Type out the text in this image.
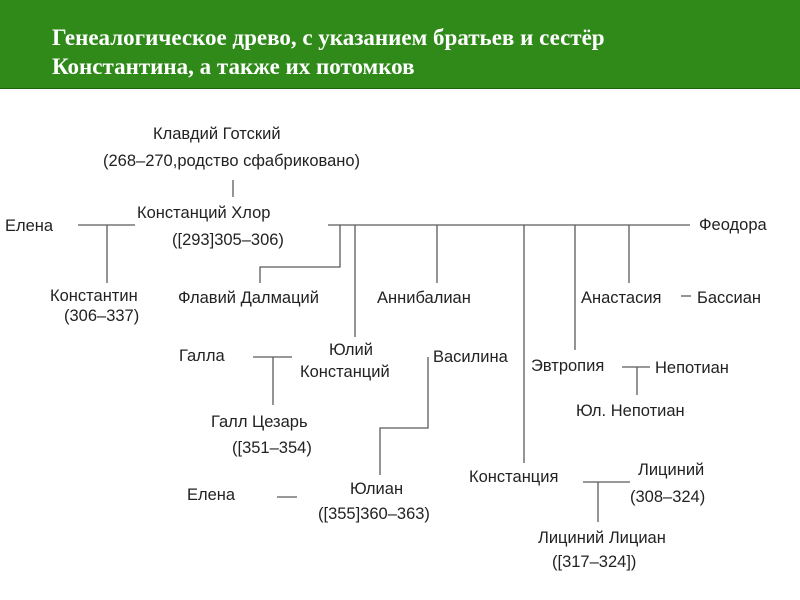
Генеалогическое древо, с указанием братьев и сестёр
Константина, а также их потомков
Клавдий Готский
(268–270,родство сфабриковано)
Елена
Констанций Хлор
([293]305–306)
Феодора
Константин
(306–337)
Флавий Далмаций	Аннибалиан	Анастасия Бассиан
Галла	Юлий
Констанций
Василина Эвтропия	Непотиан
Юл. Непотиан
Галл Цезарь
([351–354)
Елена	Юлиан
([355]360–363)
Констанция	Лициний
(308–324)
Лициний Лициан
([317–324])
